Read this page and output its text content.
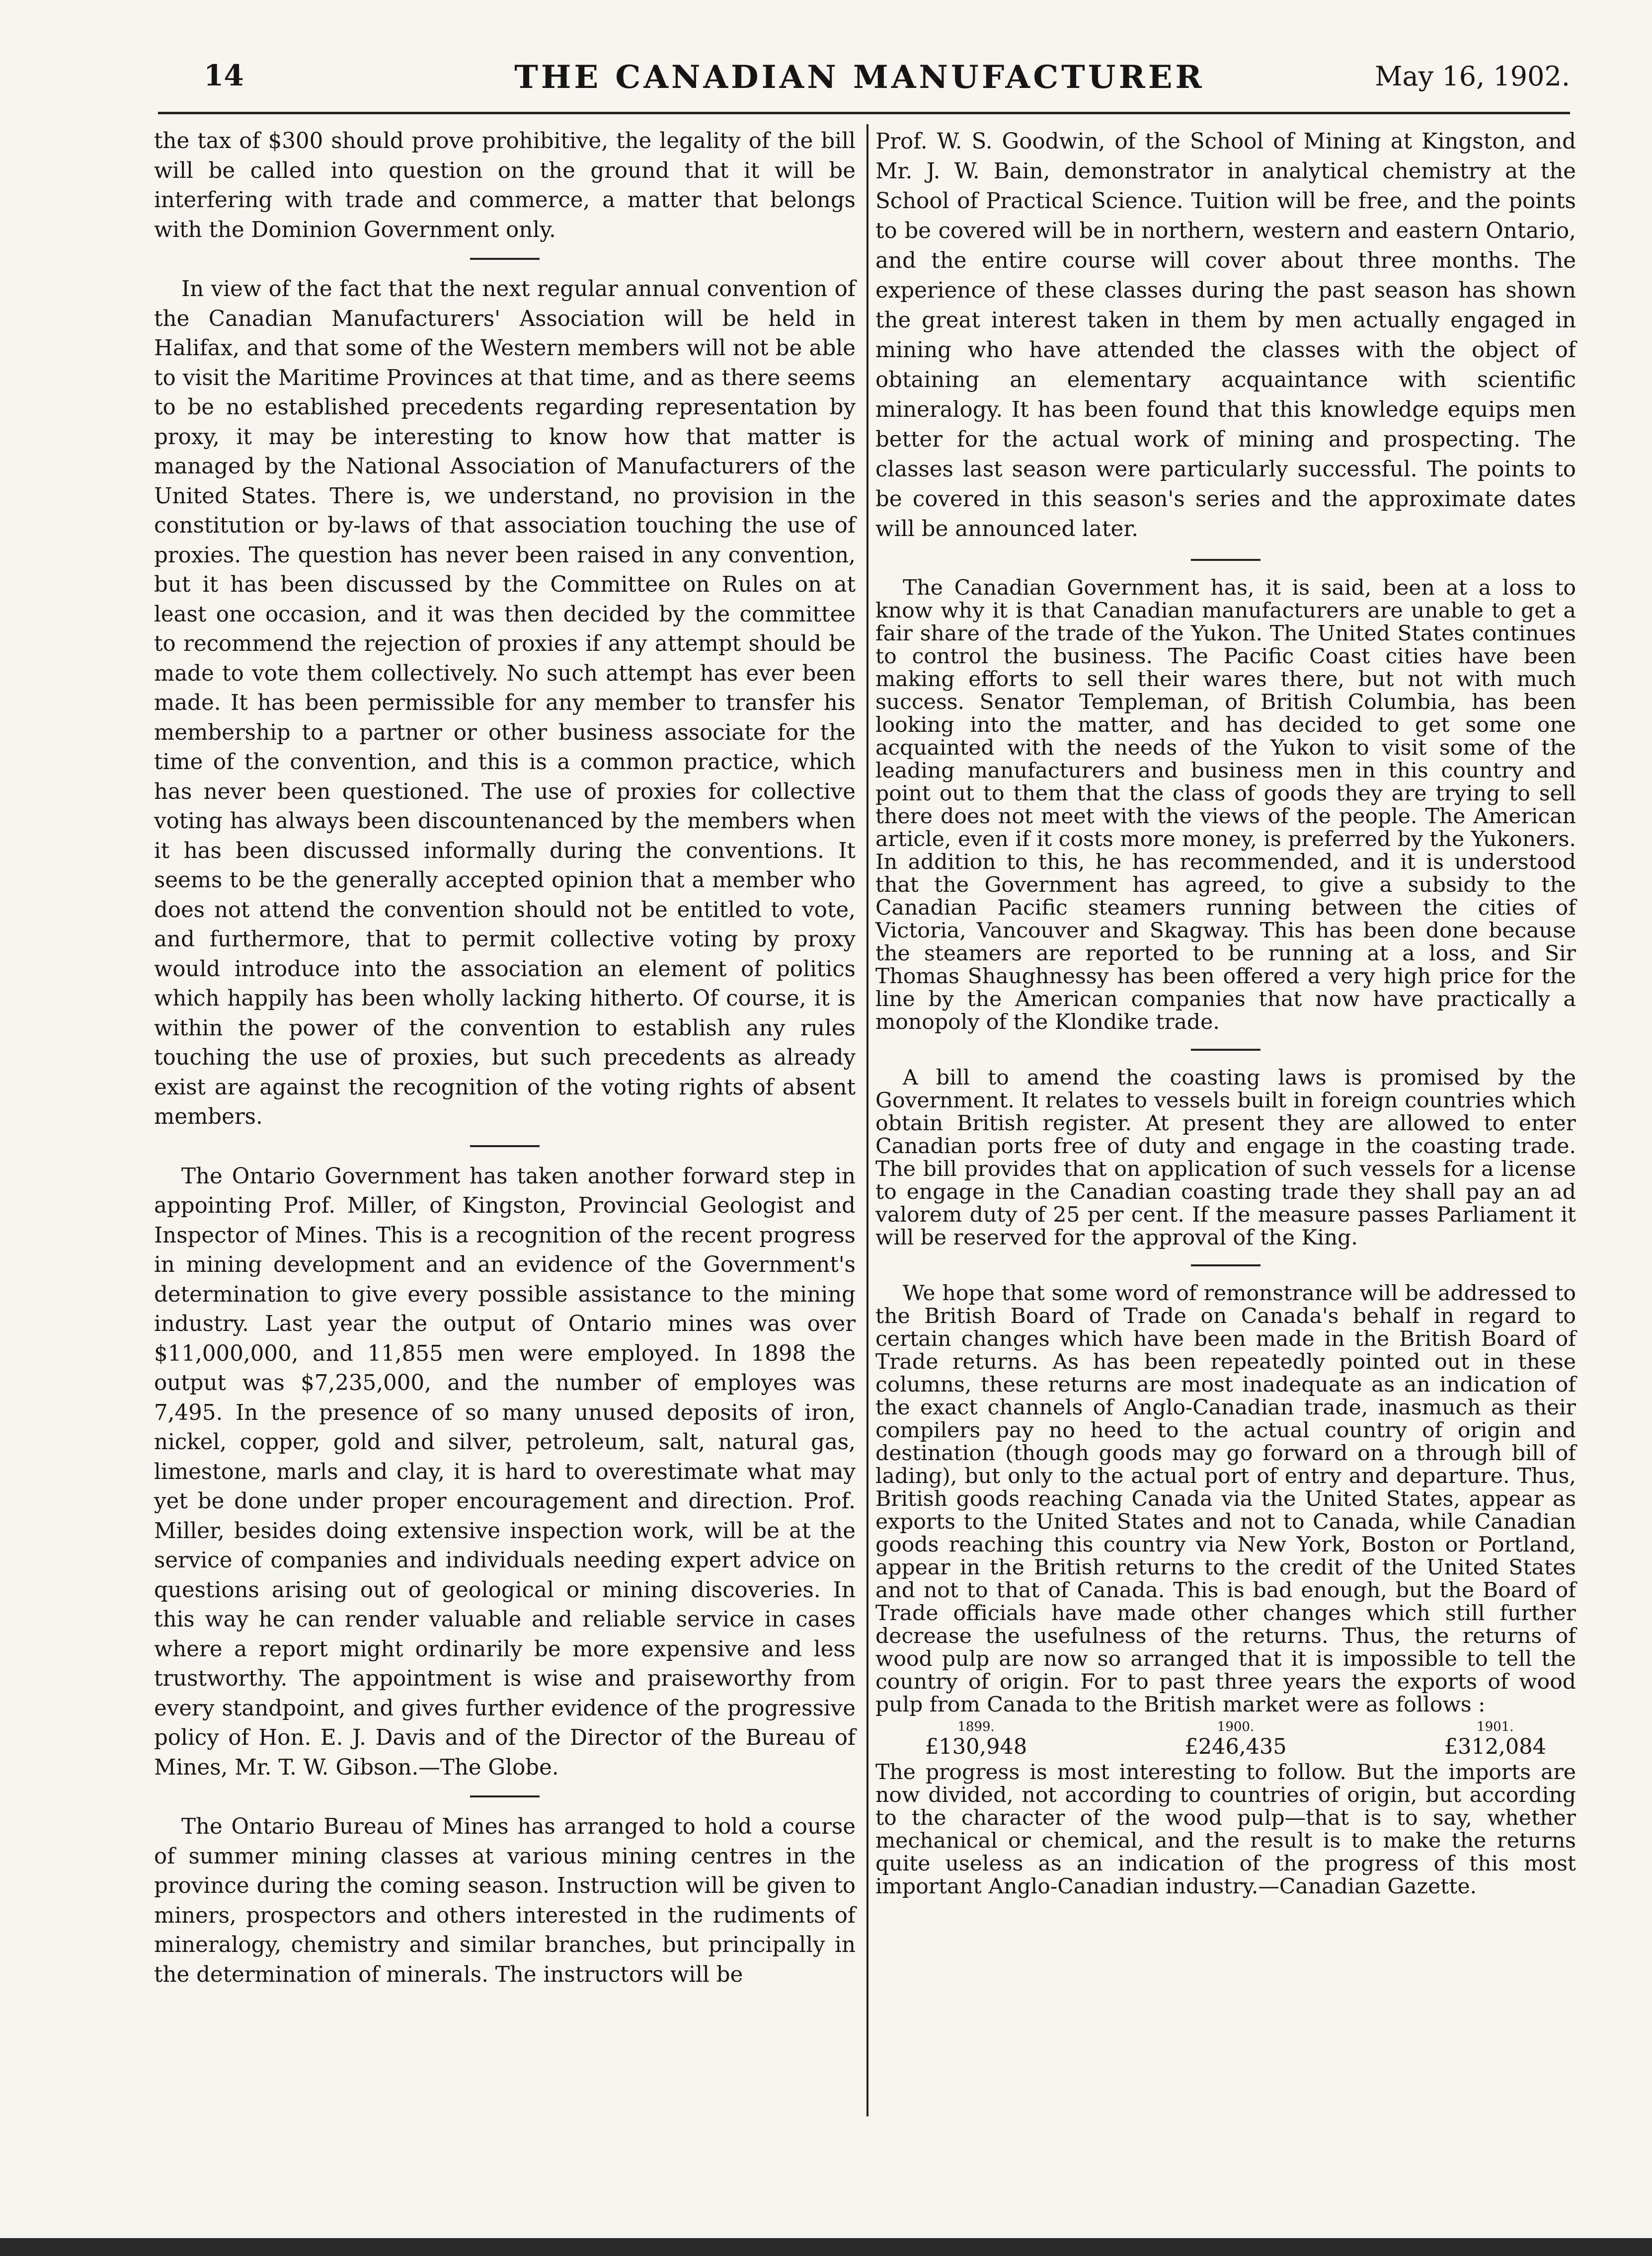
14	THE CANADIAN MANUFACTURER	May 16, 1902.

the tax of $300 should prove prohibitive, the legality of the bill will be called into question on the ground that it will be interfering with trade and commerce, a matter that belongs with the Dominion Government only.

In view of the fact that the next regular annual convention of the Canadian Manufacturers' Association will be held in Halifax, and that some of the Western members will not be able to visit the Maritime Provinces at that time, and as there seems to be no established precedents regarding representation by proxy, it may be interesting to know how that matter is managed by the National Association of Manufacturers of the United States. There is, we understand, no provision in the constitution or by-laws of that association touching the use of proxies. The question has never been raised in any convention, but it has been discussed by the Committee on Rules on at least one occasion, and it was then decided by the committee to recommend the rejection of proxies if any attempt should be made to vote them collectively. No such attempt has ever been made. It has been permissible for any member to transfer his membership to a partner or other business associate for the time of the convention, and this is a common practice, which has never been questioned. The use of proxies for collective voting has always been discountenanced by the members when it has been discussed informally during the conventions. It seems to be the generally accepted opinion that a member who does not attend the convention should not be entitled to vote, and furthermore, that to permit collective voting by proxy would introduce into the association an element of politics which happily has been wholly lacking hitherto. Of course, it is within the power of the convention to establish any rules touching the use of proxies, but such precedents as already exist are against the recognition of the voting rights of absent members.

The Ontario Government has taken another forward step in appointing Prof. Miller, of Kingston, Provincial Geologist and Inspector of Mines. This is a recognition of the recent progress in mining development and an evidence of the Government's determination to give every possible assistance to the mining industry. Last year the output of Ontario mines was over $11,000,000, and 11,855 men were employed. In 1898 the output was $7,235,000, and the number of employes was 7,495. In the presence of so many unused deposits of iron, nickel, copper, gold and silver, petroleum, salt, natural gas, limestone, marls and clay, it is hard to overestimate what may yet be done under proper encouragement and direction. Prof. Miller, besides doing extensive inspection work, will be at the service of companies and individuals needing expert advice on questions arising out of geological or mining discoveries. In this way he can render valuable and reliable service in cases where a report might ordinarily be more expensive and less trustworthy. The appointment is wise and praiseworthy from every standpoint, and gives further evidence of the progressive policy of Hon. E. J. Davis and of the Director of the Bureau of Mines, Mr. T. W. Gibson.—The Globe.

The Ontario Bureau of Mines has arranged to hold a course of summer mining classes at various mining centres in the province during the coming season. Instruction will be given to miners, prospectors and others interested in the rudiments of mineralogy, chemistry and similar branches, but principally in the determination of minerals. The instructors will be

Prof. W. S. Goodwin, of the School of Mining at Kingston, and Mr. J. W. Bain, demonstrator in analytical chemistry at the School of Practical Science. Tuition will be free, and the points to be covered will be in northern, western and eastern Ontario, and the entire course will cover about three months. The experience of these classes during the past season has shown the great interest taken in them by men actually engaged in mining who have attended the classes with the object of obtaining an elementary acquaintance with scientific mineralogy. It has been found that this knowledge equips men better for the actual work of mining and prospecting. The classes last season were particularly successful. The points to be covered in this season's series and the approximate dates will be announced later.

The Canadian Government has, it is said, been at a loss to know why it is that Canadian manufacturers are unable to get a fair share of the trade of the Yukon. The United States continues to control the business. The Pacific Coast cities have been making efforts to sell their wares there, but not with much success. Senator Templeman, of British Columbia, has been looking into the matter, and has decided to get some one acquainted with the needs of the Yukon to visit some of the leading manufacturers and business men in this country and point out to them that the class of goods they are trying to sell there does not meet with the views of the people. The American article, even if it costs more money, is preferred by the Yukoners. In addition to this, he has recommended, and it is understood that the Government has agreed, to give a subsidy to the Canadian Pacific steamers running between the cities of Victoria, Vancouver and Skagway. This has been done because the steamers are reported to be running at a loss, and Sir Thomas Shaughnessy has been offered a very high price for the line by the American companies that now have practically a monopoly of the Klondike trade.

A bill to amend the coasting laws is promised by the Government. It relates to vessels built in foreign countries which obtain British register. At present they are allowed to enter Canadian ports free of duty and engage in the coasting trade. The bill provides that on application of such vessels for a license to engage in the Canadian coasting trade they shall pay an ad valorem duty of 25 per cent. If the measure passes Parliament it will be reserved for the approval of the King.

We hope that some word of remonstrance will be addressed to the British Board of Trade on Canada's behalf in regard to certain changes which have been made in the British Board of Trade returns. As has been repeatedly pointed out in these columns, these returns are most inadequate as an indication of the exact channels of Anglo-Canadian trade, inasmuch as their compilers pay no heed to the actual country of origin and destination (though goods may go forward on a through bill of lading), but only to the actual port of entry and departure. Thus, British goods reaching Canada via the United States, appear as exports to the United States and not to Canada, while Canadian goods reaching this country via New York, Boston or Portland, appear in the British returns to the credit of the United States and not to that of Canada. This is bad enough, but the Board of Trade officials have made other changes which still further decrease the usefulness of the returns. Thus, the returns of wood pulp are now so arranged that it is impossible to tell the country of origin. For to past three years the exports of wood pulp from Canada to the British market were as follows :

1899.
£130,948
1900.
£246,435
1901.
£312,084

The progress is most interesting to follow. But the imports are now divided, not according to countries of origin, but according to the character of the wood pulp—that is to say, whether mechanical or chemical, and the result is to make the returns quite useless as an indication of the progress of this most important Anglo-Canadian industry.—Canadian Gazette.
